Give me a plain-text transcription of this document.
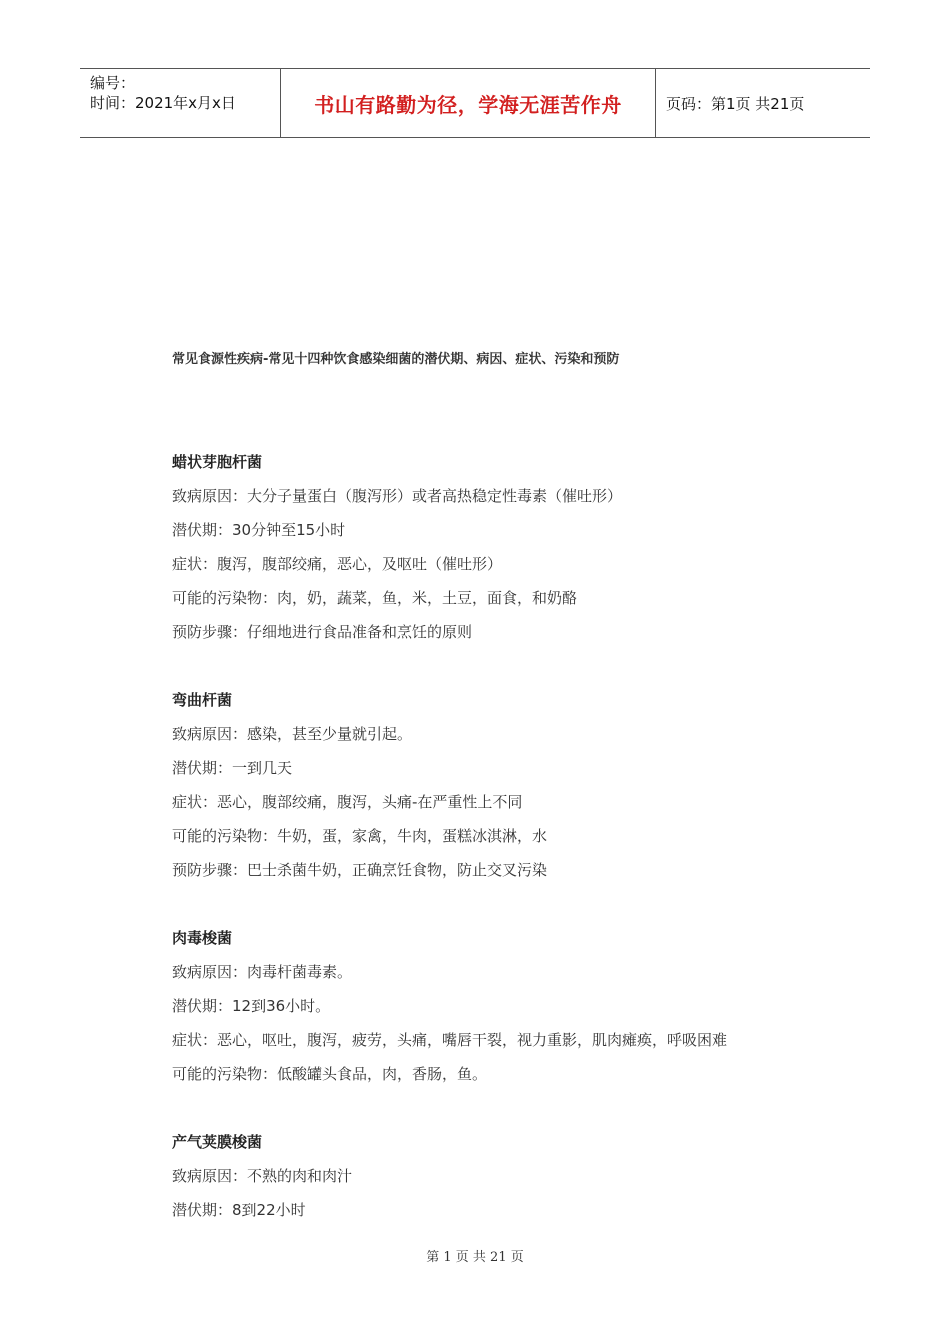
编号：
时间：2021年x月x日	书山有路勤为径，学海无涯苦作舟	页码：第1页 共21页
常见食源性疾病-常见十四种饮食感染细菌的潜伏期、病因、症状、污染和预防
蜡状芽胞杆菌
致病原因：大分子量蛋白（腹泻形）或者高热稳定性毒素（催吐形）
潜伏期：30分钟至15小时
症状：腹泻，腹部绞痛，恶心，及呕吐（催吐形）
可能的污染物：肉，奶，蔬菜，鱼，米，土豆，面食，和奶酪
预防步骤：仔细地进行食品准备和烹饪的原则
弯曲杆菌
致病原因：感染，甚至少量就引起。
潜伏期：一到几天
症状：恶心，腹部绞痛，腹泻，头痛-在严重性上不同
可能的污染物：牛奶，蛋，家禽，牛肉，蛋糕冰淇淋，水
预防步骤：巴士杀菌牛奶，正确烹饪食物，防止交叉污染
肉毒梭菌
致病原因：肉毒杆菌毒素。
潜伏期：12到36小时。
症状：恶心，呕吐，腹泻，疲劳，头痛，嘴唇干裂，视力重影，肌肉瘫痪，呼吸困难
可能的污染物：低酸罐头食品，肉，香肠，鱼。
产气荚膜梭菌
致病原因：不熟的肉和肉汁
潜伏期：8到22小时
第 1 页 共 21 页
